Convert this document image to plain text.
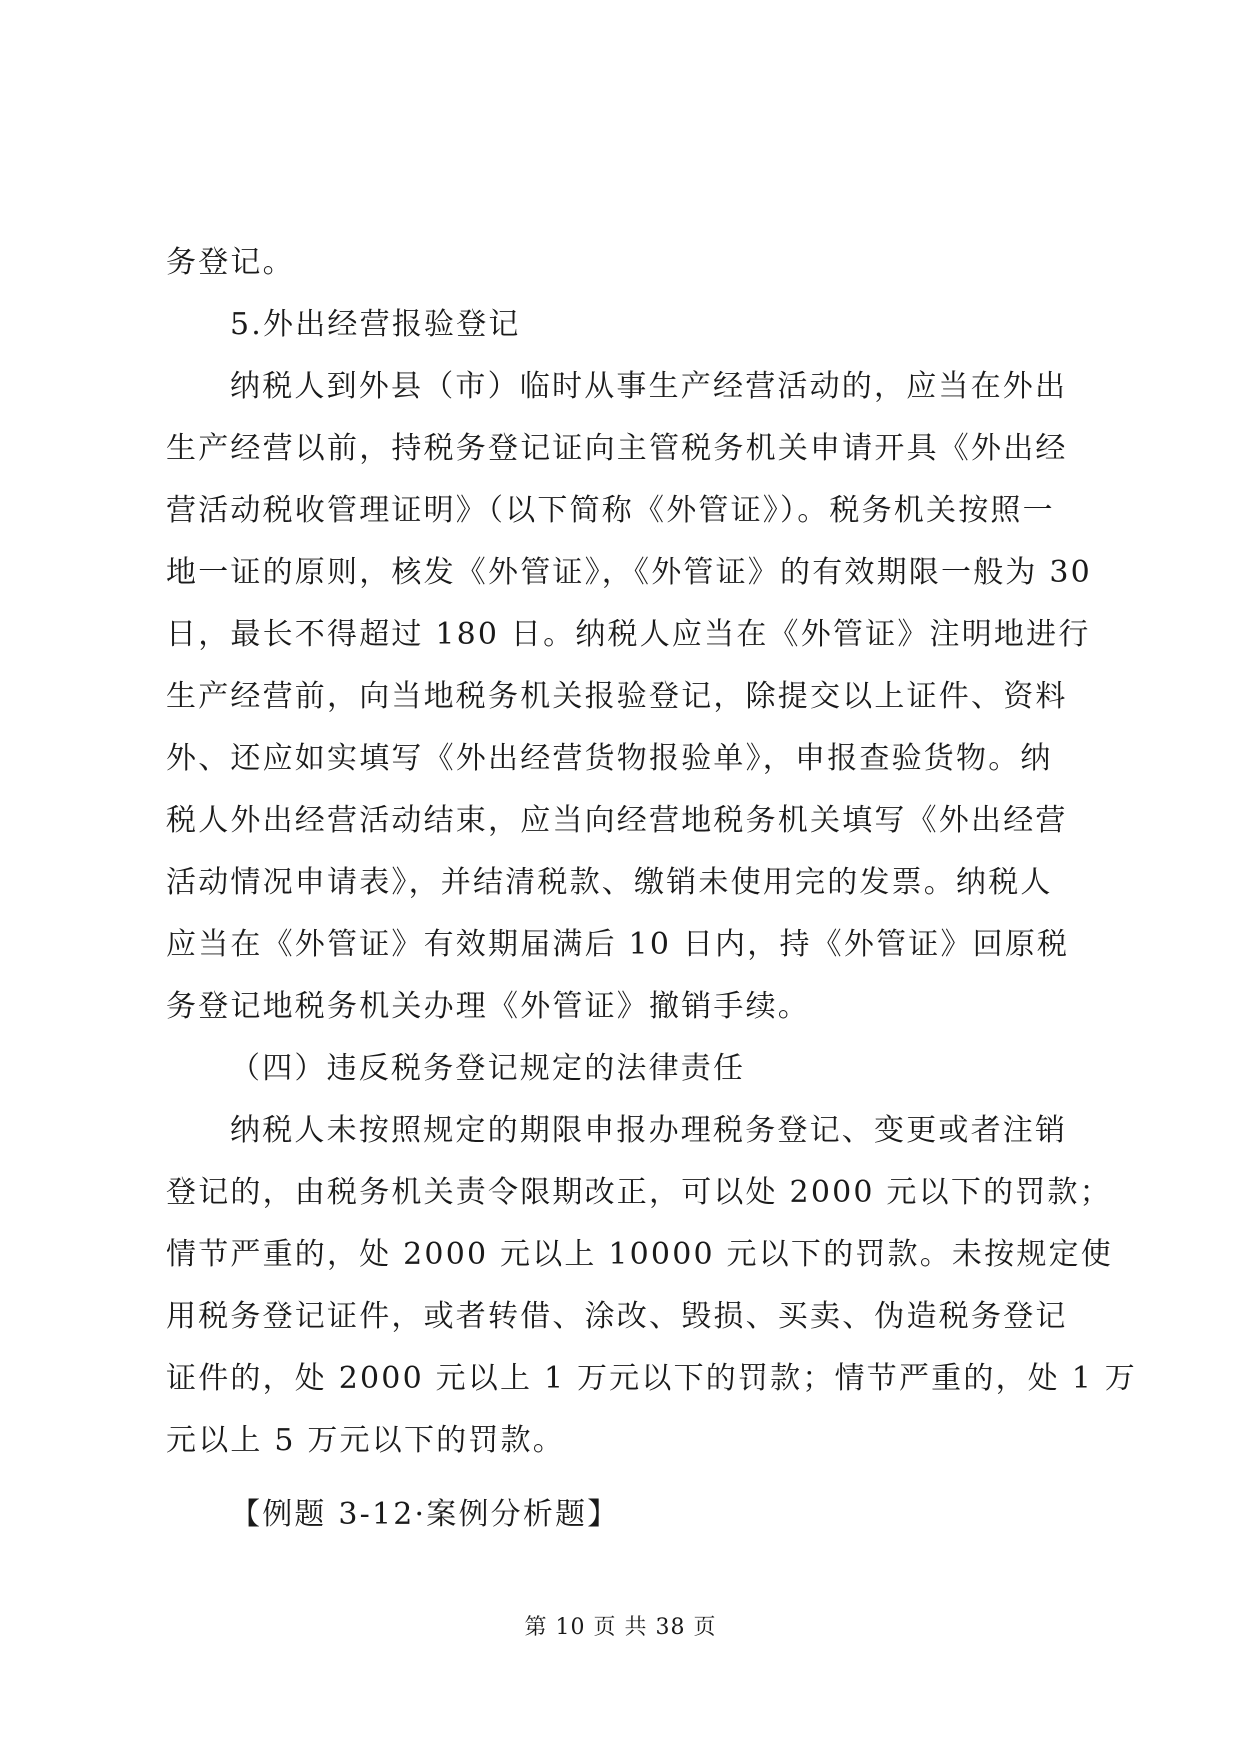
务登记。
5.外出经营报验登记
纳税人到外县（市）临时从事生产经营活动的，应当在外出
生产经营以前，持税务登记证向主管税务机关申请开具《外出经
营活动税收管理证明》（以下简称《外管证》）。税务机关按照一
地一证的原则，核发《外管证》，《外管证》的有效期限一般为 30
日，最长不得超过 180 日。纳税人应当在《外管证》注明地进行
生产经营前，向当地税务机关报验登记，除提交以上证件、资料
外、还应如实填写《外出经营货物报验单》，申报查验货物。纳
税人外出经营活动结束，应当向经营地税务机关填写《外出经营
活动情况申请表》，并结清税款、缴销未使用完的发票。纳税人
应当在《外管证》有效期届满后 10 日内，持《外管证》回原税
务登记地税务机关办理《外管证》撤销手续。
（四）违反税务登记规定的法律责任
纳税人未按照规定的期限申报办理税务登记、变更或者注销
登记的，由税务机关责令限期改正，可以处 2000 元以下的罚款；
情节严重的，处 2000 元以上 10000 元以下的罚款。未按规定使
用税务登记证件，或者转借、涂改、毁损、买卖、伪造税务登记
证件的，处 2000 元以上 1 万元以下的罚款；情节严重的，处 1 万
元以上 5 万元以下的罚款。
【例题 3-12·案例分析题】
第 10 页 共 38 页
